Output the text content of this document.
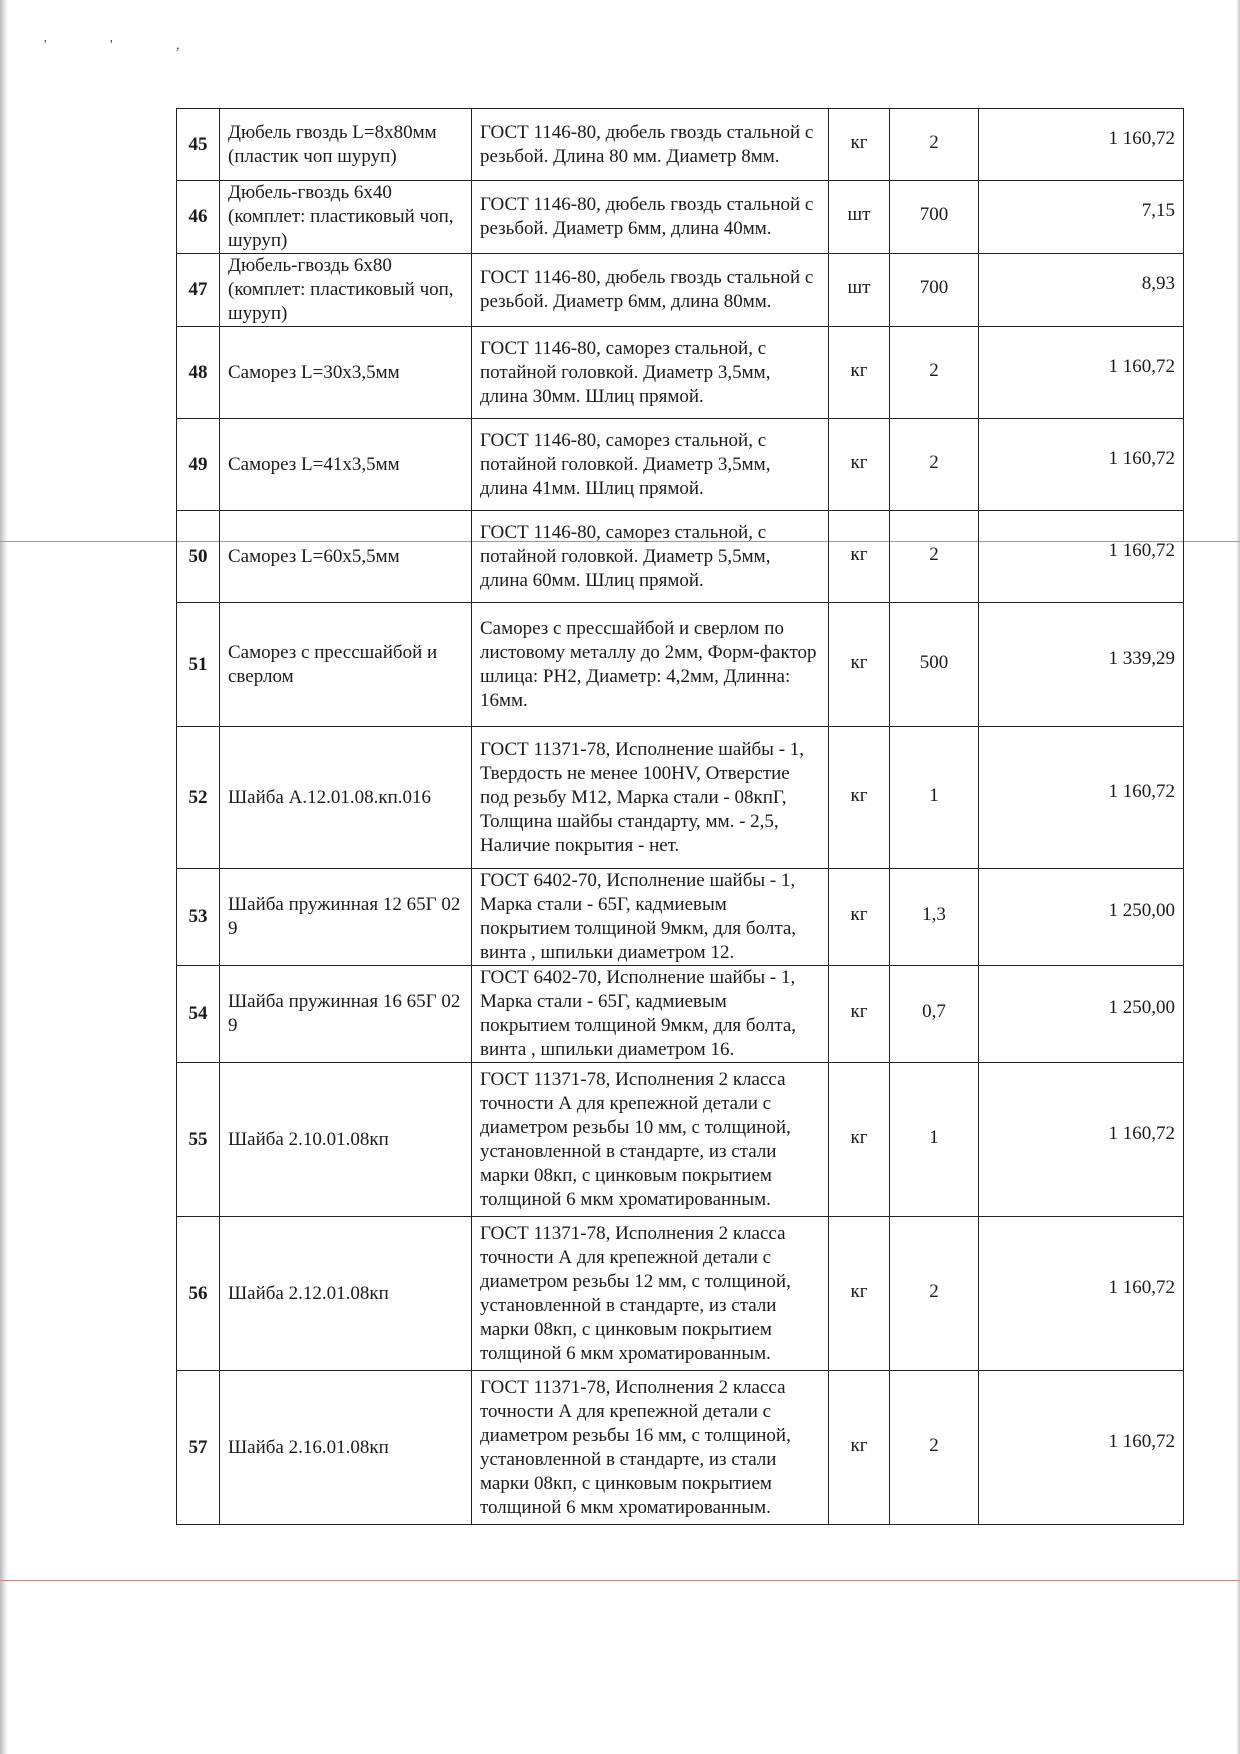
' ' ,
45	Дюбель гвоздь L=8х80мм (пластик чоп шуруп)	ГОСТ 1146-80, дюбель гвоздь стальной с резьбой. Длина 80 мм. Диаметр 8мм.	кг	2	1 160,72
46	Дюбель-гвоздь 6х40 (комплет: пластиковый чоп, шуруп)	ГОСТ 1146-80, дюбель гвоздь стальной с резьбой. Диаметр 6мм, длина 40мм.	шт	700	7,15
47	Дюбель-гвоздь 6х80 (комплет: пластиковый чоп, шуруп)	ГОСТ 1146-80, дюбель гвоздь стальной с резьбой. Диаметр 6мм, длина 80мм.	шт	700	8,93
48	Саморез L=30х3,5мм	ГОСТ 1146-80, саморез стальной, с потайной головкой. Диаметр 3,5мм, длина 30мм. Шлиц прямой.	кг	2	1 160,72
49	Саморез L=41х3,5мм	ГОСТ 1146-80, саморез стальной, с потайной головкой. Диаметр 3,5мм, длина 41мм. Шлиц прямой.	кг	2	1 160,72
50	Саморез L=60х5,5мм	ГОСТ 1146-80, саморез стальной, с потайной головкой. Диаметр 5,5мм, длина 60мм. Шлиц прямой.	кг	2	1 160,72
51	Саморез с прессшайбой и сверлом	Саморез с прессшайбой и сверлом по листовому металлу до 2мм, Форм-фактор шлица: PH2, Диаметр: 4,2мм, Длинна: 16мм.	кг	500	1 339,29
52	Шайба А.12.01.08.кп.016	ГОСТ 11371-78, Исполнение шайбы - 1, Твердость не менее 100HV, Отверстие под резьбу М12, Марка стали - 08кпГ, Толщина шайбы стандарту, мм. - 2,5, Наличие покрытия - нет.	кг	1	1 160,72
53	Шайба пружинная 12 65Г 02 9	ГОСТ 6402-70, Исполнение шайбы - 1, Марка стали - 65Г, кадмиевым покрытием толщиной 9мкм, для болта, винта , шпильки диаметром 12.	кг	1,3	1 250,00
54	Шайба пружинная 16 65Г 02 9	ГОСТ 6402-70, Исполнение шайбы - 1, Марка стали - 65Г, кадмиевым покрытием толщиной 9мкм, для болта, винта , шпильки диаметром 16.	кг	0,7	1 250,00
55	Шайба 2.10.01.08кп	ГОСТ 11371-78, Исполнения 2 класса точности А для крепежной детали с диаметром резьбы 10 мм, с толщиной, установленной в стандарте, из стали марки 08кп, с цинковым покрытием толщиной 6 мкм хроматированным.	кг	1	1 160,72
56	Шайба 2.12.01.08кп	ГОСТ 11371-78, Исполнения 2 класса точности А для крепежной детали с диаметром резьбы 12 мм, с толщиной, установленной в стандарте, из стали марки 08кп, с цинковым покрытием толщиной 6 мкм хроматированным.	кг	2	1 160,72
57	Шайба 2.16.01.08кп	ГОСТ 11371-78, Исполнения 2 класса точности А для крепежной детали с диаметром резьбы 16 мм, с толщиной, установленной в стандарте, из стали марки 08кп, с цинковым покрытием толщиной 6 мкм хроматированным.	кг	2	1 160,72
